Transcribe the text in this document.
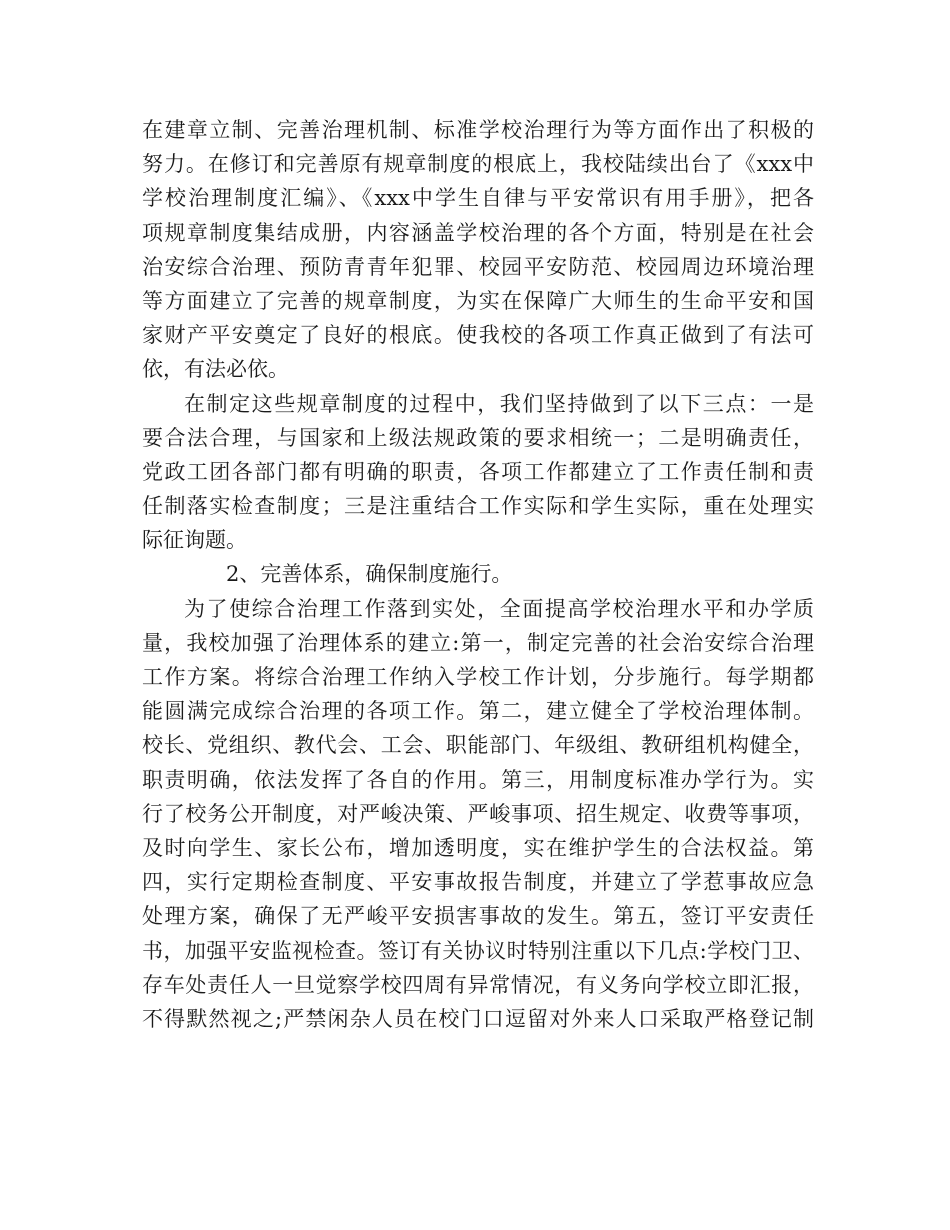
在建章立制、完善治理机制、标准学校治理行为等方面作出了积极的
努力。在修订和完善原有规章制度的根底上，我校陆续出台了《xxx中
学校治理制度汇编》、《xxx中学生自律与平安常识有用手册》，把各
项规章制度集结成册，内容涵盖学校治理的各个方面，特别是在社会
治安综合治理、预防青青年犯罪、校园平安防范、校园周边环境治理
等方面建立了完善的规章制度，为实在保障广大师生的生命平安和国
家财产平安奠定了良好的根底。使我校的各项工作真正做到了有法可
依，有法必依。
在制定这些规章制度的过程中，我们坚持做到了以下三点：一是
要合法合理，与国家和上级法规政策的要求相统一；二是明确责任，
党政工团各部门都有明确的职责，各项工作都建立了工作责任制和责
任制落实检查制度；三是注重结合工作实际和学生实际，重在处理实
际征询题。
2、完善体系，确保制度施行。
为了使综合治理工作落到实处，全面提高学校治理水平和办学质
量，我校加强了治理体系的建立:第一，制定完善的社会治安综合治理
工作方案。将综合治理工作纳入学校工作计划，分步施行。每学期都
能圆满完成综合治理的各项工作。第二，建立健全了学校治理体制。
校长、党组织、教代会、工会、职能部门、年级组、教研组机构健全，
职责明确，依法发挥了各自的作用。第三，用制度标准办学行为。实
行了校务公开制度，对严峻决策、严峻事项、招生规定、收费等事项，
及时向学生、家长公布，增加透明度，实在维护学生的合法权益。第
四，实行定期检查制度、平安事故报告制度，并建立了学惹事故应急
处理方案，确保了无严峻平安损害事故的发生。第五，签订平安责任
书，加强平安监视检查。签订有关协议时特别注重以下几点:学校门卫、
存车处责任人一旦觉察学校四周有异常情况，有义务向学校立即汇报，
不得默然视之;严禁闲杂人员在校门口逗留对外来人口采取严格登记制
